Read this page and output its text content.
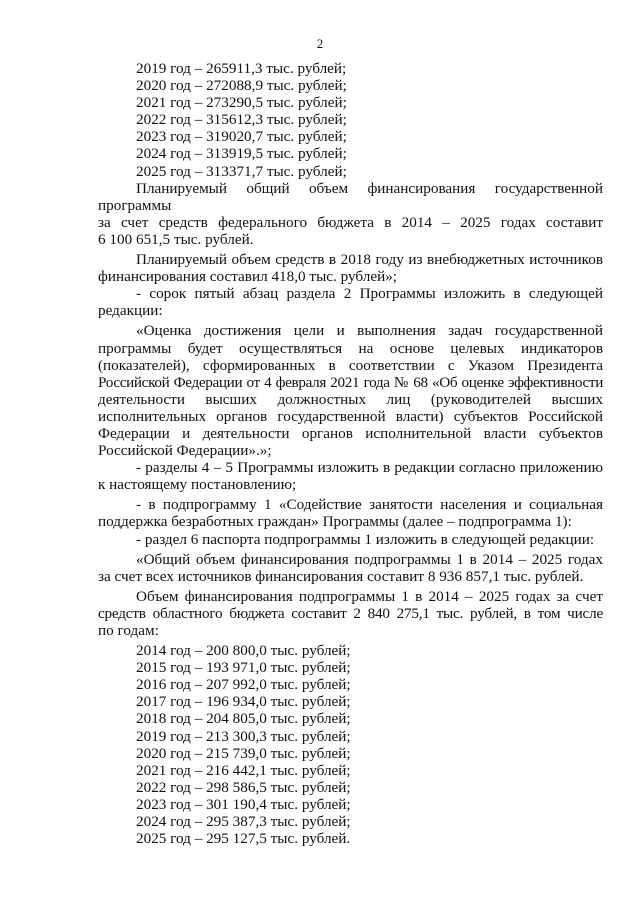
2

2019 год – 265911,3 тыс. рублей;

2020 год – 272088,9 тыс. рублей;

2021 год – 273290,5 тыс. рублей;

2022 год – 315612,3 тыс. рублей;

2023 год – 319020,7 тыс. рублей;

2024 год – 313919,5 тыс. рублей;

2025 год – 313371,7 тыс. рублей;

Планируемый общий объем финансирования государственной программы

за счет средств федерального бюджета в 2014 – 2025 годах составит

6 100 651,5 тыс. рублей.

Планируемый объем средств в 2018 году из внебюджетных источников

финансирования составил 418,0 тыс. рублей»;

- сорок пятый абзац раздела 2 Программы изложить в следующей

редакции:

«Оценка достижения цели и выполнения задач государственной

программы будет осуществляться на основе целевых индикаторов

(показателей), сформированных в соответствии с Указом Президента

Российской Федерации от 4 февраля 2021 года № 68 «Об оценке эффективности

деятельности высших должностных лиц (руководителей высших

исполнительных органов государственной власти) субъектов Российской

Федерации и деятельности органов исполнительной власти субъектов

Российской Федерации».»;

- разделы 4 – 5 Программы изложить в редакции согласно приложению

к настоящему постановлению;

- в подпрограмму 1 «Содействие занятости населения и социальная

поддержка безработных граждан» Программы (далее – подпрограмма 1):

- раздел 6 паспорта подпрограммы 1 изложить в следующей редакции:

«Общий объем финансирования подпрограммы 1 в 2014 – 2025 годах

за счет всех источников финансирования составит 8 936 857,1 тыс. рублей.

Объем финансирования подпрограммы 1 в 2014 – 2025 годах за счет

средств областного бюджета составит 2 840 275,1 тыс. рублей, в том числе

по годам:

2014 год – 200 800,0 тыс. рублей;

2015 год – 193 971,0 тыс. рублей;

2016 год – 207 992,0 тыс. рублей;

2017 год – 196 934,0 тыс. рублей;

2018 год – 204 805,0 тыс. рублей;

2019 год – 213 300,3 тыс. рублей;

2020 год – 215 739,0 тыс. рублей;

2021 год – 216 442,1 тыс. рублей;

2022 год – 298 586,5 тыс. рублей;

2023 год – 301 190,4 тыс. рублей;

2024 год – 295 387,3 тыс. рублей;

2025 год – 295 127,5 тыс. рублей.
